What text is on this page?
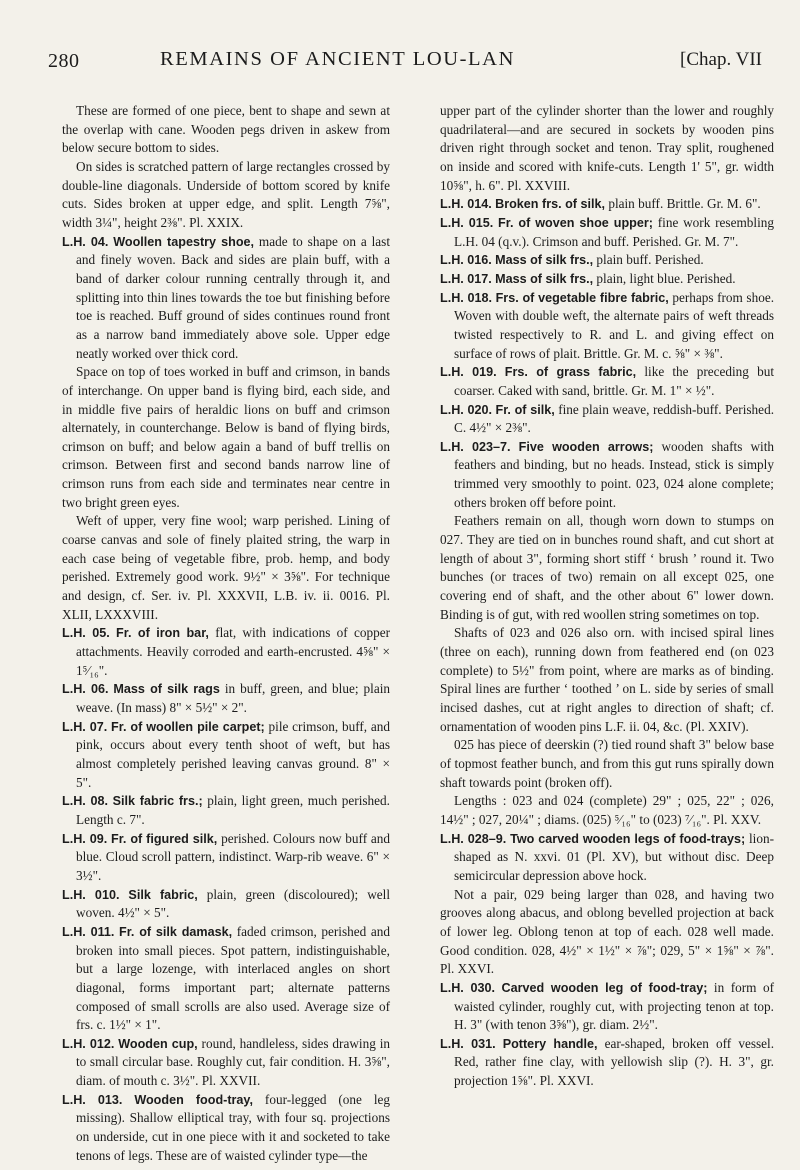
280	REMAINS OF ANCIENT LOU-LAN	[Chap. VII

These are formed of one piece, bent to shape and sewn at the overlap with cane. Wooden pegs driven in askew from below secure bottom to sides.

On sides is scratched pattern of large rectangles crossed by double-line diagonals. Underside of bottom scored by knife cuts. Sides broken at upper edge, and split. Length 7⅝", width 3¼", height 2⅜". Pl. XXIX.

L.H. 04. Woollen tapestry shoe, made to shape on a last and finely woven. Back and sides are plain buff, with a band of darker colour running centrally through it, and splitting into thin lines towards the toe but finishing before toe is reached. Buff ground of sides continues round front as a narrow band immediately above sole. Upper edge neatly worked over thick cord.

Space on top of toes worked in buff and crimson, in bands of interchange. On upper band is flying bird, each side, and in middle five pairs of heraldic lions on buff and crimson alternately, in counterchange. Below is band of flying birds, crimson on buff; and below again a band of buff trellis on crimson. Between first and second bands narrow line of crimson runs from each side and terminates near centre in two bright green eyes.

Weft of upper, very fine wool; warp perished. Lining of coarse canvas and sole of finely plaited string, the warp in each case being of vegetable fibre, prob. hemp, and body perished. Extremely good work. 9½" × 3⅝". For technique and design, cf. Ser. iv. Pl. XXXVII, L.B. iv. ii. 0016. Pl. XLII, LXXXVIII.

L.H. 05. Fr. of iron bar, flat, with indications of copper attachments. Heavily corroded and earth-encrusted. 4⅝" × 1⁵⁄₁₆".

L.H. 06. Mass of silk rags in buff, green, and blue; plain weave. (In mass) 8" × 5½" × 2".

L.H. 07. Fr. of woollen pile carpet; pile crimson, buff, and pink, occurs about every tenth shoot of weft, but has almost completely perished leaving canvas ground. 8" × 5".

L.H. 08. Silk fabric frs.; plain, light green, much perished. Length c. 7".

L.H. 09. Fr. of figured silk, perished. Colours now buff and blue. Cloud scroll pattern, indistinct. Warp-rib weave. 6" × 3½".

L.H. 010. Silk fabric, plain, green (discoloured); well woven. 4½" × 5".

L.H. 011. Fr. of silk damask, faded crimson, perished and broken into small pieces. Spot pattern, indistinguishable, but a large lozenge, with interlaced angles on short diagonal, forms important part; alternate patterns composed of small scrolls are also used. Average size of frs. c. 1½" × 1".

L.H. 012. Wooden cup, round, handleless, sides drawing in to small circular base. Roughly cut, fair condition. H. 3⅝", diam. of mouth c. 3½". Pl. XXVII.

L.H. 013. Wooden food-tray, four-legged (one leg missing). Shallow elliptical tray, with four sq. projections on underside, cut in one piece with it and socketed to take tenons of legs. These are of waisted cylinder type—the

upper part of the cylinder shorter than the lower and roughly quadrilateral—and are secured in sockets by wooden pins driven right through socket and tenon. Tray split, roughened on inside and scored with knife-cuts. Length 1' 5", gr. width 10⅝", h. 6". Pl. XXVIII.

L.H. 014. Broken frs. of silk, plain buff. Brittle. Gr. M. 6".

L.H. 015. Fr. of woven shoe upper; fine work resembling L.H. 04 (q.v.). Crimson and buff. Perished. Gr. M. 7".

L.H. 016. Mass of silk frs., plain buff. Perished.

L.H. 017. Mass of silk frs., plain, light blue. Perished.

L.H. 018. Frs. of vegetable fibre fabric, perhaps from shoe. Woven with double weft, the alternate pairs of weft threads twisted respectively to R. and L. and giving effect on surface of rows of plait. Brittle. Gr. M. c. ⅝" × ⅜".

L.H. 019. Frs. of grass fabric, like the preceding but coarser. Caked with sand, brittle. Gr. M. 1" × ½".

L.H. 020. Fr. of silk, fine plain weave, reddish-buff. Perished. C. 4½" × 2⅜".

L.H. 023–7. Five wooden arrows; wooden shafts with feathers and binding, but no heads. Instead, stick is simply trimmed very smoothly to point. 023, 024 alone complete; others broken off before point.

Feathers remain on all, though worn down to stumps on 027. They are tied on in bunches round shaft, and cut short at length of about 3", forming short stiff ‘ brush ’ round it. Two bunches (or traces of two) remain on all except 025, one covering end of shaft, and the other about 6" lower down. Binding is of gut, with red woollen string sometimes on top.

Shafts of 023 and 026 also orn. with incised spiral lines (three on each), running down from feathered end (on 023 complete) to 5½" from point, where are marks as of binding. Spiral lines are further ‘ toothed ’ on L. side by series of small incised dashes, cut at right angles to direction of shaft; cf. ornamentation of wooden pins L.F. ii. 04, &c. (Pl. XXIV).

025 has piece of deerskin (?) tied round shaft 3" below base of topmost feather bunch, and from this gut runs spirally down shaft towards point (broken off).

Lengths : 023 and 024 (complete) 29" ; 025, 22" ; 026, 14½" ; 027, 20¼" ; diams. (025) ⁵⁄₁₆" to (023) ⁷⁄₁₆". Pl. XXV.

L.H. 028–9. Two carved wooden legs of food-trays; lion-shaped as N. xxvi. 01 (Pl. XV), but without disc. Deep semicircular depression above hock.

Not a pair, 029 being larger than 028, and having two grooves along abacus, and oblong bevelled projection at back of lower leg. Oblong tenon at top of each. 028 well made. Good condition. 028, 4½" × 1½" × ⅞"; 029, 5" × 1⅝" × ⅞". Pl. XXVI.

L.H. 030. Carved wooden leg of food-tray; in form of waisted cylinder, roughly cut, with projecting tenon at top. H. 3" (with tenon 3⅝"), gr. diam. 2½".

L.H. 031. Pottery handle, ear-shaped, broken off vessel. Red, rather fine clay, with yellowish slip (?). H. 3", gr. projection 1⅝". Pl. XXVI.
